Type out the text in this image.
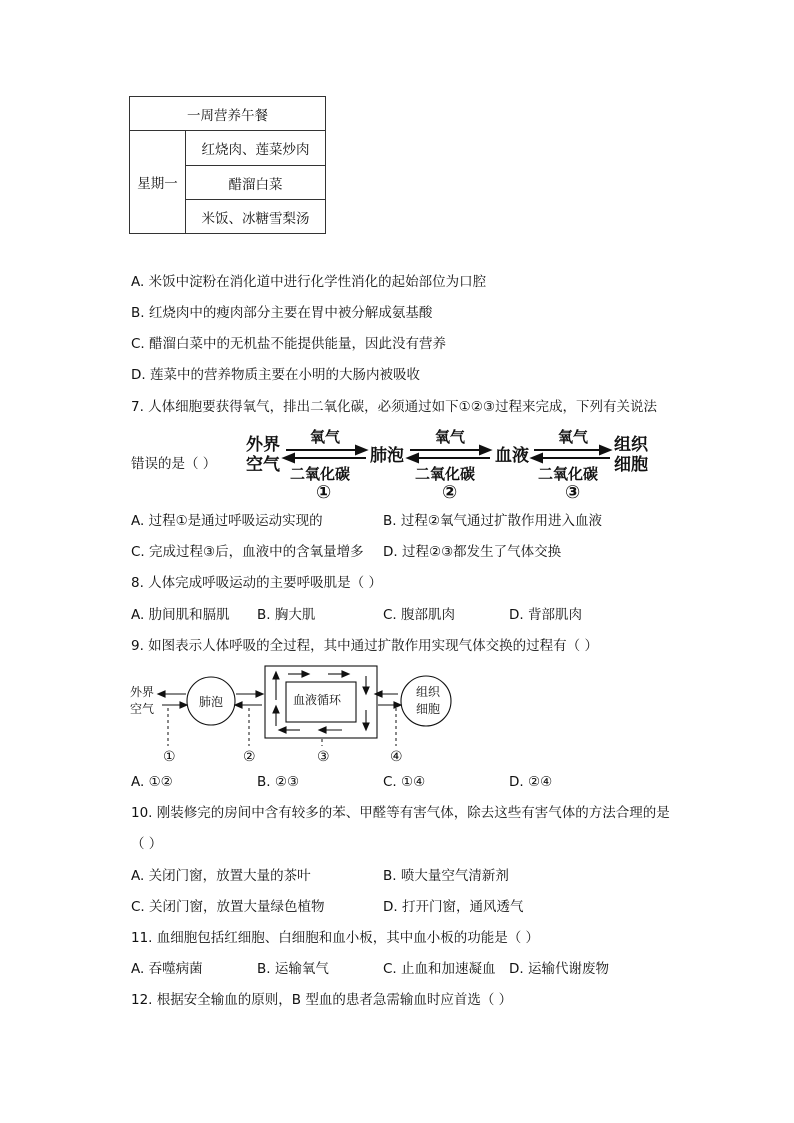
一周营养午餐
星期一	红烧肉、莲菜炒肉
醋溜白菜
米饭、冰糖雪梨汤
A. 米饭中淀粉在消化道中进行化学性消化的起始部位为口腔
B. 红烧肉中的瘦肉部分主要在胃中被分解成氨基酸
C. 醋溜白菜中的无机盐不能提供能量，因此没有营养
D. 莲菜中的营养物质主要在小明的大肠内被吸收
7. 人体细胞要获得氧气，排出二氧化碳，必须通过如下①②③过程来完成，下列有关说法
错误的是（ ）
外界
空气	肺泡	血液
组织
细胞
氧气
二氧化碳
氧气
二氧化碳
氧气
二氧化碳
①	②	③
A. 过程①是通过呼吸运动实现的	B. 过程②氧气通过扩散作用进入血液
C. 完成过程③后，血液中的含氧量增多 D. 过程②③都发生了气体交换
8. 人体完成呼吸运动的主要呼吸肌是（ ）
A. 肋间肌和膈肌 B. 胸大肌	C. 腹部肌肉	D. 背部肌肉
9. 如图表示人体呼吸的全过程，其中通过扩散作用实现气体交换的过程有（ ）
外界
空气	肺泡	血液循环
组织
细胞
①	②	③	④
A. ①②	B. ②③	C. ①④	D. ②④
10. 刚装修完的房间中含有较多的苯、甲醛等有害气体，除去这些有害气体的方法合理的是
（ ）
A. 关闭门窗，放置大量的茶叶	B. 喷大量空气清新剂
C. 关闭门窗，放置大量绿色植物	D. 打开门窗，通风透气
11. 血细胞包括红细胞、白细胞和血小板，其中血小板的功能是（ ）
A. 吞噬病菌	B. 运输氧气	C. 止血和加速凝血 D. 运输代谢废物
12. 根据安全输血的原则，B 型血的患者急需输血时应首选（ ）
